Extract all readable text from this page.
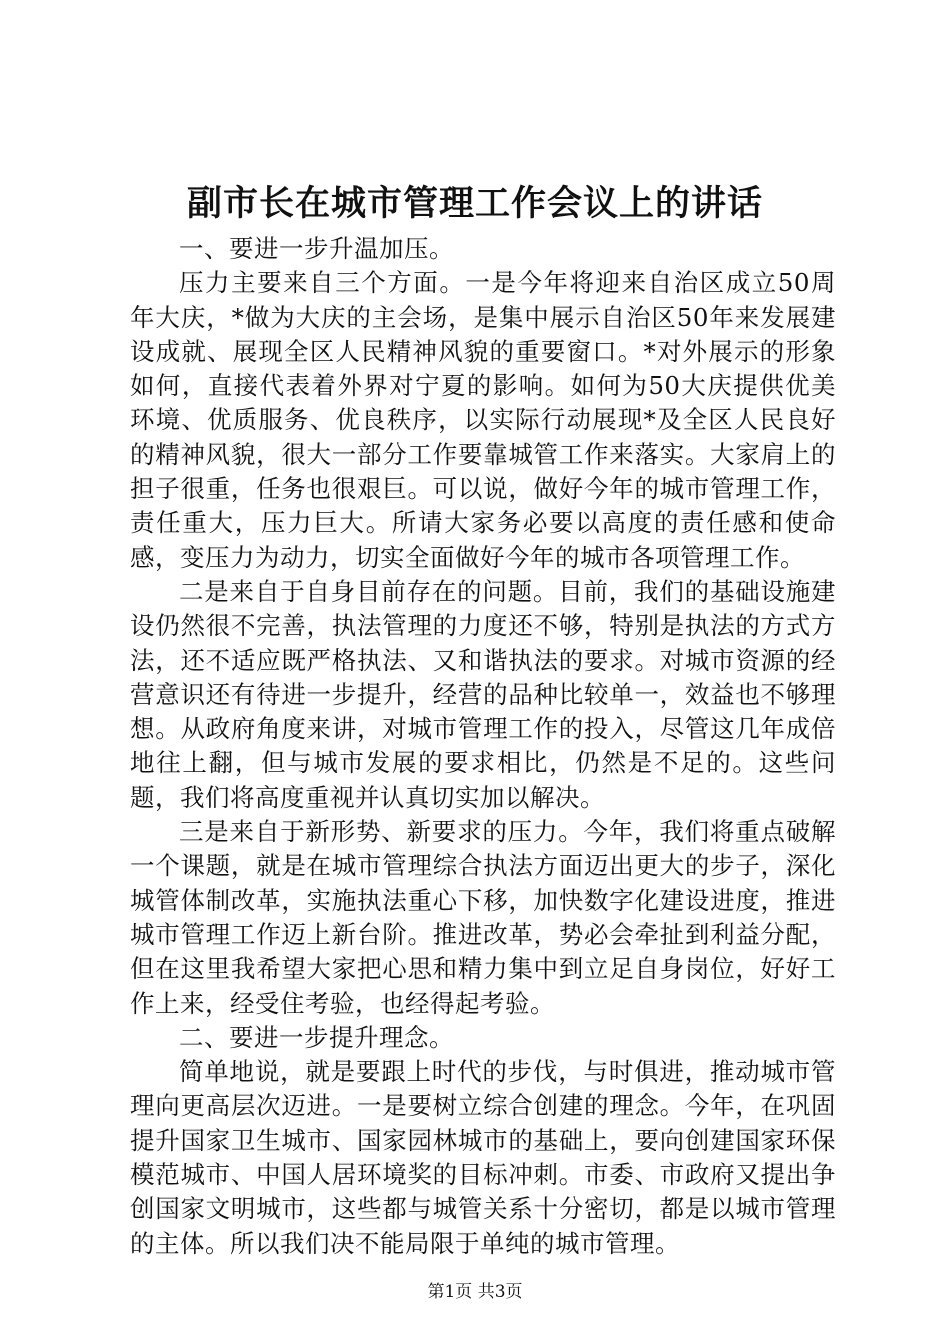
副市长在城市管理工作会议上的讲话

一、要进一步升温加压。

压力主要来自三个方面。一是今年将迎来自治区成立50周年大庆，*做为大庆的主会场，是集中展示自治区50年来发展建设成就、展现全区人民精神风貌的重要窗口。*对外展示的形象如何，直接代表着外界对宁夏的影响。如何为50大庆提供优美环境、优质服务、优良秩序，以实际行动展现*及全区人民良好的精神风貌，很大一部分工作要靠城管工作来落实。大家肩上的担子很重，任务也很艰巨。可以说，做好今年的城市管理工作，责任重大，压力巨大。所请大家务必要以高度的责任感和使命感，变压力为动力，切实全面做好今年的城市各项管理工作。

二是来自于自身目前存在的问题。目前，我们的基础设施建设仍然很不完善，执法管理的力度还不够，特别是执法的方式方法，还不适应既严格执法、又和谐执法的要求。对城市资源的经营意识还有待进一步提升，经营的品种比较单一，效益也不够理想。从政府角度来讲，对城市管理工作的投入，尽管这几年成倍地往上翻，但与城市发展的要求相比，仍然是不足的。这些问题，我们将高度重视并认真切实加以解决。

三是来自于新形势、新要求的压力。今年，我们将重点破解一个课题，就是在城市管理综合执法方面迈出更大的步子，深化城管体制改革，实施执法重心下移，加快数字化建设进度，推进城市管理工作迈上新台阶。推进改革，势必会牵扯到利益分配，但在这里我希望大家把心思和精力集中到立足自身岗位，好好工作上来，经受住考验，也经得起考验。

二、要进一步提升理念。

简单地说，就是要跟上时代的步伐，与时俱进，推动城市管理向更高层次迈进。一是要树立综合创建的理念。今年，在巩固提升国家卫生城市、国家园林城市的基础上，要向创建国家环保模范城市、中国人居环境奖的目标冲刺。市委、市政府又提出争创国家文明城市，这些都与城管关系十分密切，都是以城市管理的主体。所以我们决不能局限于单纯的城市管理。

第1页 共3页
